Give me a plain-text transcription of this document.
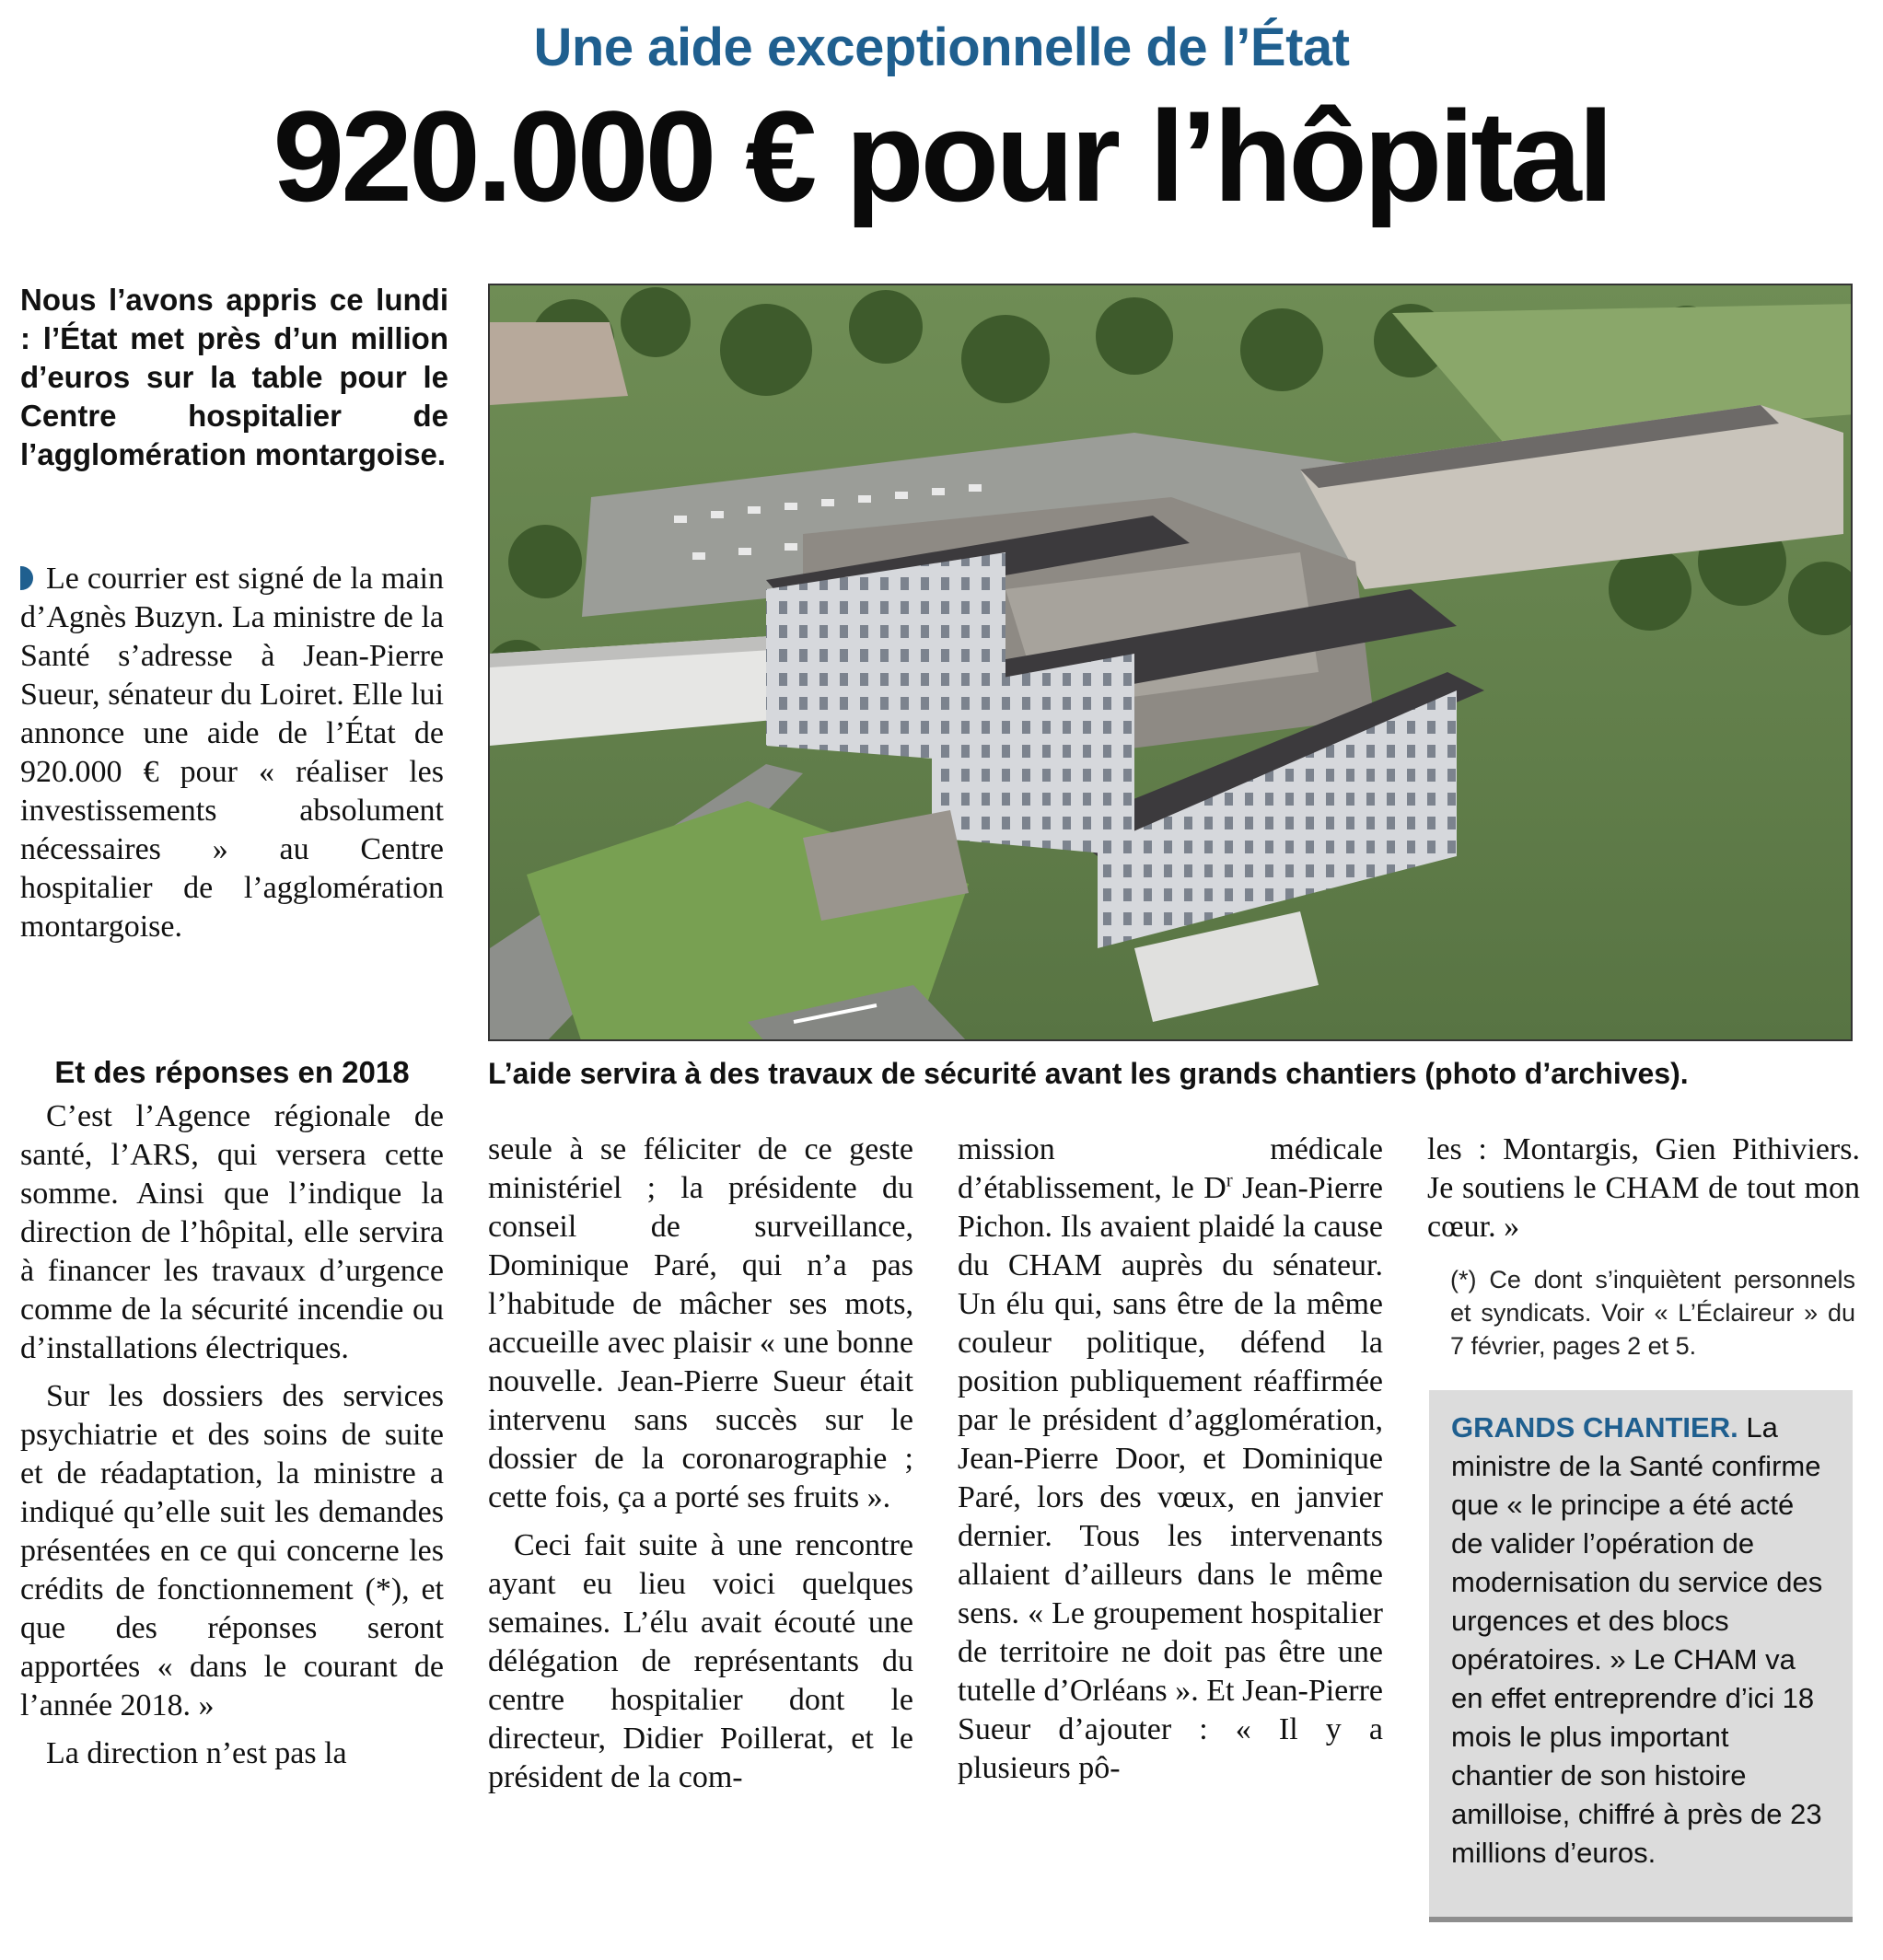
Une aide exceptionnelle de l’État
920.000 € pour l’hôpital
Nous l’avons appris ce lundi : l’État met près d’un million d’euros sur la table pour le Centre hospitalier de l’agglomération montargoise.

Le courrier est signé de la main d’Agnès Buzyn. La ministre de la Santé s’adresse à Jean-Pierre Sueur, sénateur du Loiret. Elle lui annonce une aide de l’État de 920.000 € pour « réaliser les investissements absolument nécessaires » au Centre hospitalier de l’agglomération montargoise.

Et des réponses en 2018

C’est l’Agence régionale de santé, l’ARS, qui versera cette somme. Ainsi que l’indique la direction de l’hôpital, elle servira à financer les travaux d’urgence comme de la sécurité incendie ou d’installations électriques.

Sur les dossiers des services psychiatrie et des soins de suite et de réadaptation, la ministre a indiqué qu’elle suit les demandes présentées en ce qui concerne les crédits de fonctionnement (*), et que des réponses seront apportées « dans le courant de l’année 2018. »

La direction n’est pas la

seule à se féliciter de ce geste ministériel ; la présidente du conseil de surveillance, Dominique Paré, qui n’a pas l’habitude de mâcher ses mots, accueille avec plaisir « une bonne nouvelle. Jean-Pierre Sueur était intervenu sans succès sur le dossier de la coronarographie ; cette fois, ça a porté ses fruits ».

Ceci fait suite à une rencontre ayant eu lieu voici quelques semaines. L’élu avait écouté une délégation de représentants du centre hospitalier dont le directeur, Didier Poillerat, et le président de la com-

mission médicale d’établissement, le $D^r$ Jean-Pierre Pichon. Ils avaient plaidé la cause du CHAM auprès du sénateur. Un élu qui, sans être de la même couleur politique, défend la position publiquement réaffirmée par le président d’agglomération, Jean-Pierre Door, et Dominique Paré, lors des vœux, en janvier dernier. Tous les intervenants allaient d’ailleurs dans le même sens. « Le groupement hospitalier de territoire ne doit pas être une tutelle d’Orléans ». Et Jean-Pierre Sueur d’ajouter : « Il y a plusieurs pô-

les : Montargis, Gien Pithiviers. Je soutiens le CHAM de tout mon cœur. »

(*) Ce dont s’inquiètent personnels et syndicats. Voir « L’Éclaireur » du 7 février, pages 2 et 5.
L’aide servira à des travaux de sécurité avant les grands chantiers (photo d’archives).
GRANDS CHANTIER. La ministre de la Santé confirme que « le principe a été acté de valider l’opération de modernisation du service des urgences et des blocs opératoires. » Le CHAM va en effet entreprendre d’ici 18 mois le plus important chantier de son histoire amilloise, chiffré à près de 23 millions d’euros.
